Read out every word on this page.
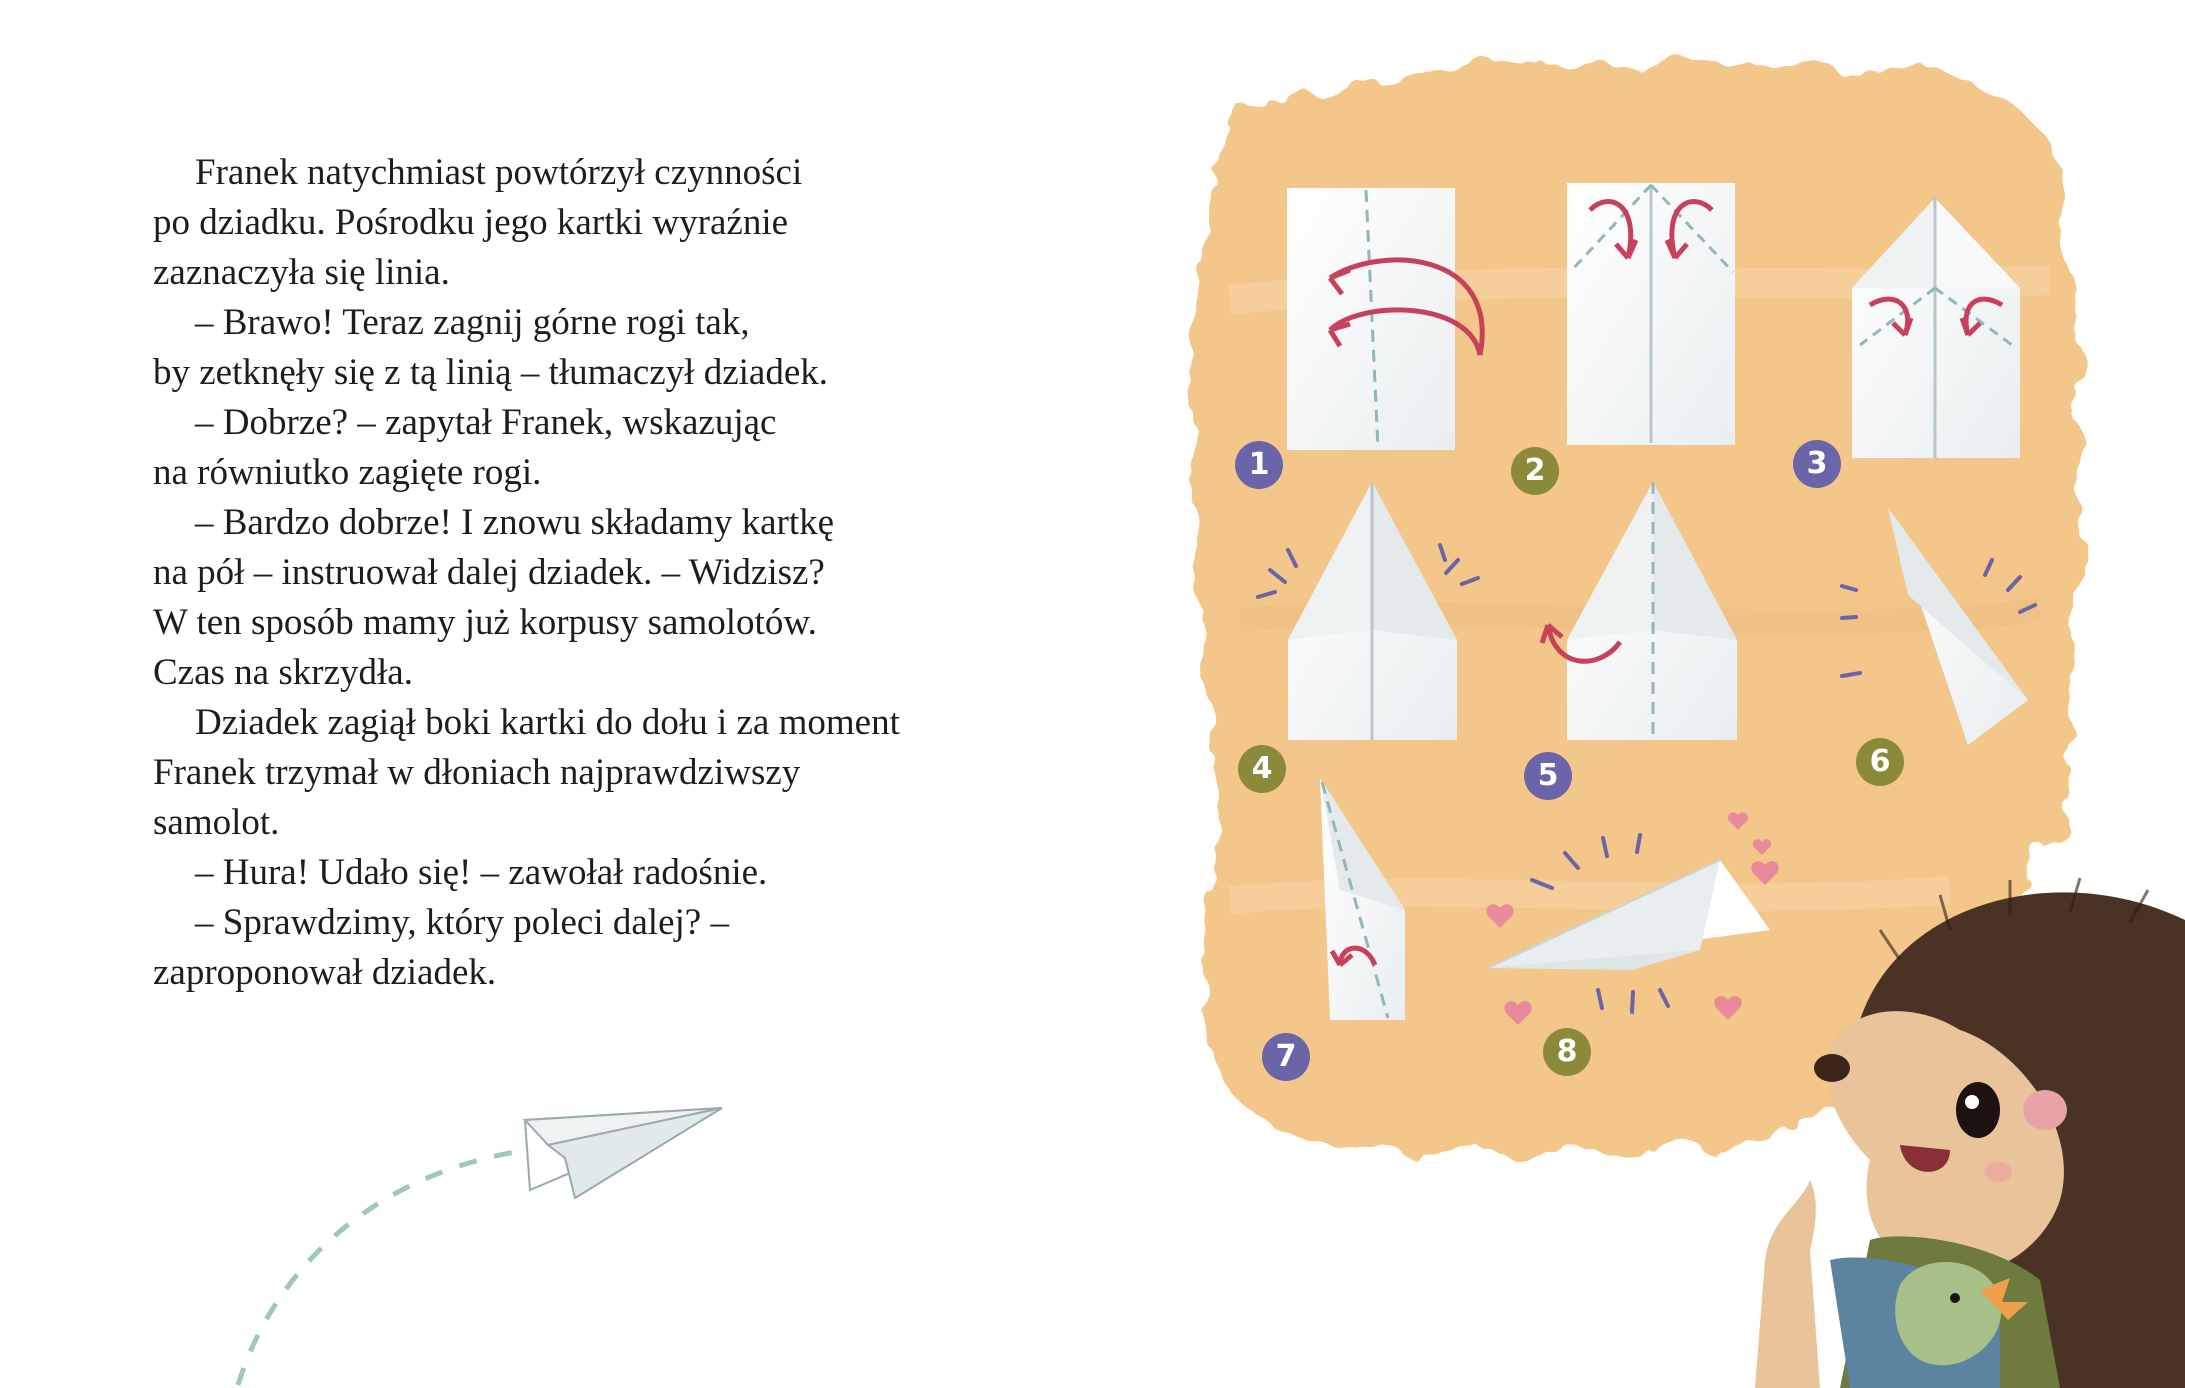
Franek natychmiast powtórzył czynności
po dziadku. Pośrodku jego kartki wyraźnie
zaznaczyła się linia.
– Brawo! Teraz zagnij górne rogi tak,
by zetknęły się z tą linią – tłumaczył dziadek.
– Dobrze? – zapytał Franek, wskazując
na równiutko zagięte rogi.
– Bardzo dobrze! I znowu składamy kartkę
na pół – instruował dalej dziadek. – Widzisz?
W ten sposób mamy już korpusy samolotów.
Czas na skrzydła.
Dziadek zagiął boki kartki do dołu i za moment
Franek trzymał w dłoniach najprawdziwszy
samolot.
– Hura! Udało się! – zawołał radośnie.
– Sprawdzimy, który poleci dalej? –
zaproponował dziadek.
1	2	3
4	5	6
7	8
